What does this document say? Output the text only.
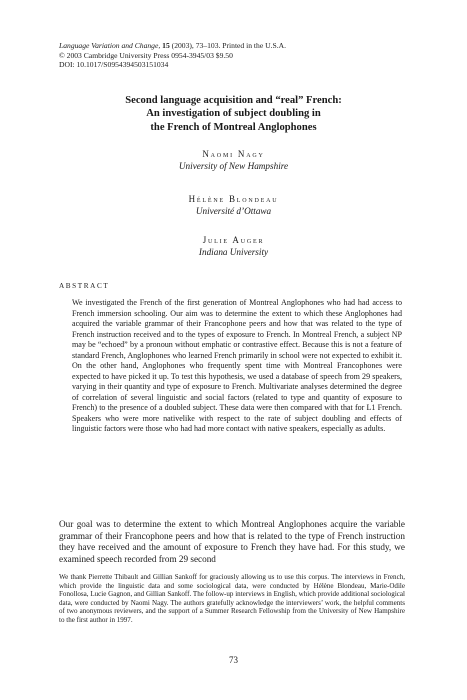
Language Variation and Change, 15 (2003), 73–103. Printed in the U.S.A.
© 2003 Cambridge University Press 0954-3945/03 $9.50
DOI: 10.1017/S0954394503151034
Second language acquisition and “real” French:
An investigation of subject doubling in
the French of Montreal Anglophones
Naomi Nagy
University of New Hampshire
Hélène Blondeau
Université d’Ottawa
Julie Auger
Indiana University
ABSTRACT
We investigated the French of the first generation of Montreal Anglophones who had had access to French immersion schooling. Our aim was to determine the extent to which these Anglophones had acquired the variable grammar of their Francophone peers and how that was related to the type of French instruction received and to the types of exposure to French. In Montreal French, a subject NP may be “echoed” by a pronoun without emphatic or contrastive effect. Because this is not a feature of standard French, Anglophones who learned French primarily in school were not expected to exhibit it. On the other hand, Anglophones who frequently spent time with Montreal Francophones were expected to have picked it up. To test this hypothesis, we used a database of speech from 29 speakers, varying in their quantity and type of exposure to French. Multivariate analyses determined the degree of correlation of several linguistic and social factors (related to type and quantity of exposure to French) to the presence of a doubled subject. These data were then compared with that for L1 French. Speakers who were more nativelike with respect to the rate of subject doubling and effects of linguistic factors were those who had had more contact with native speakers, especially as adults.
Our goal was to determine the extent to which Montreal Anglophones acquire the variable grammar of their Francophone peers and how that is related to the type of French instruction they have received and the amount of exposure to French they have had. For this study, we examined speech recorded from 29 second
We thank Pierrette Thibault and Gillian Sankoff for graciously allowing us to use this corpus. The interviews in French, which provide the linguistic data and some sociological data, were conducted by Hélène Blondeau, Marie-Odile Fonollosa, Lucie Gagnon, and Gillian Sankoff. The follow-up interviews in English, which provide additional sociological data, were conducted by Naomi Nagy. The authors gratefully acknowledge the interviewers’ work, the helpful comments of two anonymous reviewers, and the support of a Summer Research Fellowship from the University of New Hampshire to the first author in 1997.
73
